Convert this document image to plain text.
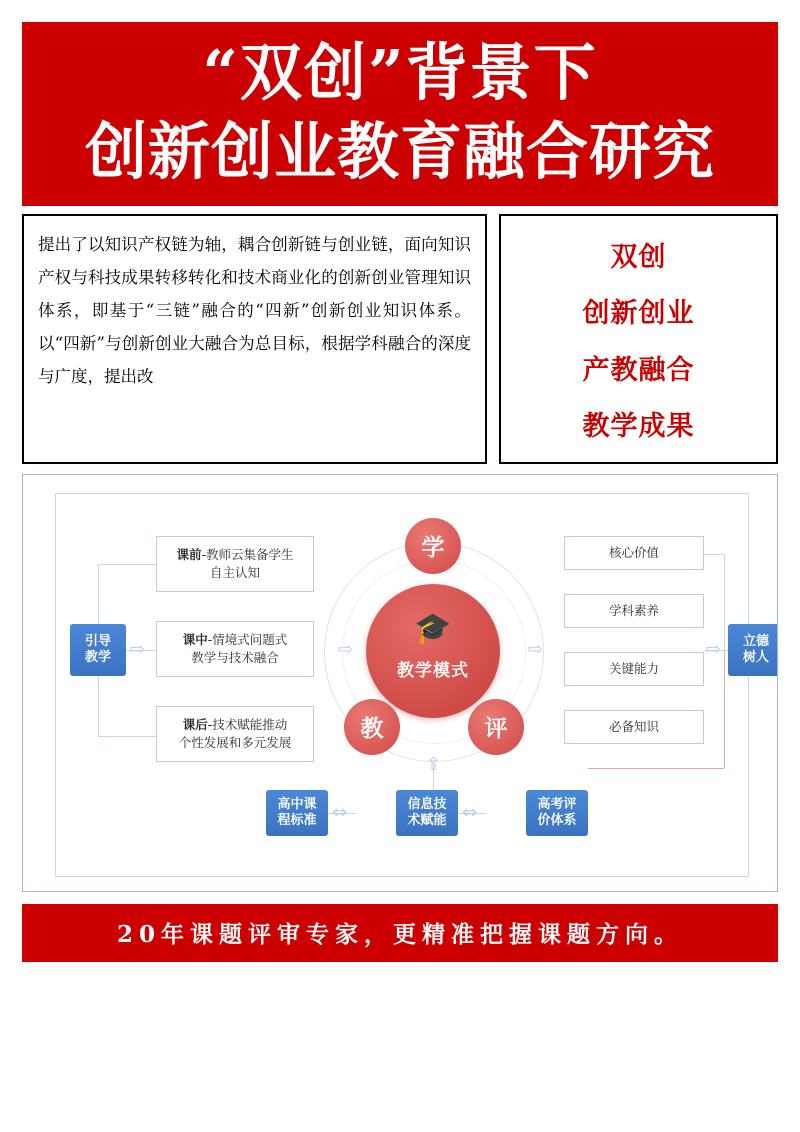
“双创”背景下
创新创业教育融合研究
提出了以知识产权链为轴，耦合创新链与创业链，面向知识产权与科技成果转移转化和技术商业化的创新创业管理知识体系，即基于“三链”融合的“四新”创新创业知识体系。以“四新”与创新创业大融合为总目标，根据学科融合的深度与广度，提出改
双创
创新创业
产教融合
教学成果
⇨	⇨	⇨	⇨
⇧
⇔	⇔
引导
教学
课前-教师云集备学生
自主认知
课中-情境式问题式
教学与技术融合
课后-技术赋能推动
个性发展和多元发展
🎓
教学模式
学
教	评
核心价值
学科素养
关键能力
必备知识
立德
树人
高中课
程标准
信息技
术赋能
高考评
价体系
20年课题评审专家，更精准把握课题方向。
